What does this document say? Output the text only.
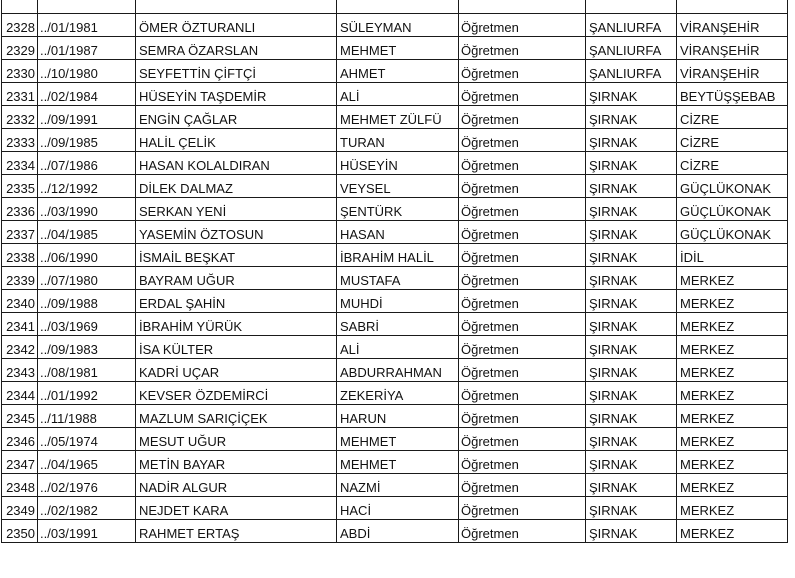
2328	../01/1981	ÖMER ÖZTURANLI	SÜLEYMAN	Öğretmen	ŞANLIURFA	VİRANŞEHİR
2329	../01/1987	SEMRA ÖZARSLAN	MEHMET	Öğretmen	ŞANLIURFA	VİRANŞEHİR
2330	../10/1980	SEYFETTİN ÇİFTÇİ	AHMET	Öğretmen	ŞANLIURFA	VİRANŞEHİR
2331	../02/1984	HÜSEYİN TAŞDEMİR	ALİ	Öğretmen	ŞIRNAK	BEYTÜŞŞEBAB
2332	../09/1991	ENGİN ÇAĞLAR	MEHMET ZÜLFÜ	Öğretmen	ŞIRNAK	CİZRE
2333	../09/1985	HALİL ÇELİK	TURAN	Öğretmen	ŞIRNAK	CİZRE
2334	../07/1986	HASAN KOLALDIRAN	HÜSEYİN	Öğretmen	ŞIRNAK	CİZRE
2335	../12/1992	DİLEK DALMAZ	VEYSEL	Öğretmen	ŞIRNAK	GÜÇLÜKONAK
2336	../03/1990	SERKAN YENİ	ŞENTÜRK	Öğretmen	ŞIRNAK	GÜÇLÜKONAK
2337	../04/1985	YASEMİN ÖZTOSUN	HASAN	Öğretmen	ŞIRNAK	GÜÇLÜKONAK
2338	../06/1990	İSMAİL BEŞKAT	İBRAHİM HALİL	Öğretmen	ŞIRNAK	İDİL
2339	../07/1980	BAYRAM UĞUR	MUSTAFA	Öğretmen	ŞIRNAK	MERKEZ
2340	../09/1988	ERDAL ŞAHİN	MUHDİ	Öğretmen	ŞIRNAK	MERKEZ
2341	../03/1969	İBRAHİM YÜRÜK	SABRİ	Öğretmen	ŞIRNAK	MERKEZ
2342	../09/1983	İSA KÜLTER	ALİ	Öğretmen	ŞIRNAK	MERKEZ
2343	../08/1981	KADRİ UÇAR	ABDURRAHMAN	Öğretmen	ŞIRNAK	MERKEZ
2344	../01/1992	KEVSER ÖZDEMİRCİ	ZEKERİYA	Öğretmen	ŞIRNAK	MERKEZ
2345	../11/1988	MAZLUM SARIÇİÇEK	HARUN	Öğretmen	ŞIRNAK	MERKEZ
2346	../05/1974	MESUT UĞUR	MEHMET	Öğretmen	ŞIRNAK	MERKEZ
2347	../04/1965	METİN BAYAR	MEHMET	Öğretmen	ŞIRNAK	MERKEZ
2348	../02/1976	NADİR ALGUR	NAZMİ	Öğretmen	ŞIRNAK	MERKEZ
2349	../02/1982	NEJDET KARA	HACİ	Öğretmen	ŞIRNAK	MERKEZ
2350	../03/1991	RAHMET ERTAŞ	ABDİ	Öğretmen	ŞIRNAK	MERKEZ
